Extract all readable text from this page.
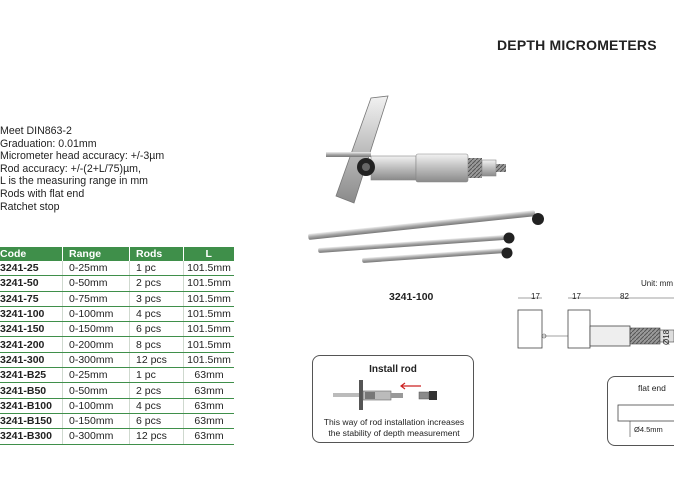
DEPTH MICROMETERS
Meet DIN863-2
Graduation: 0.01mm
Micrometer head accuracy: +/-3µm
Rod accuracy: +/-(2+L/75)µm,
L is the measuring range in mm
Rods with flat end
Ratchet stop
Code	Range	Rods	L
3241-25	0-25mm	1 pc	101.5mm
3241-50	0-50mm	2 pcs	101.5mm
3241-75	0-75mm	3 pcs	101.5mm
3241-100	0-100mm	4 pcs	101.5mm
3241-150	0-150mm	6 pcs	101.5mm
3241-200	0-200mm	8 pcs	101.5mm
3241-300	0-300mm	12 pcs	101.5mm
3241-B25	0-25mm	1 pc	63mm
3241-B50	0-50mm	2 pcs	63mm
3241-B100	0-100mm	4 pcs	63mm
3241-B150	0-150mm	6 pcs	63mm
3241-B300	0-300mm	12 pcs	63mm
3241-100
Install rod
This way of rod installation increases the stability of depth measurement
Unit: mm
17	17	82
Ø18
flat end
Ø4.5mm
